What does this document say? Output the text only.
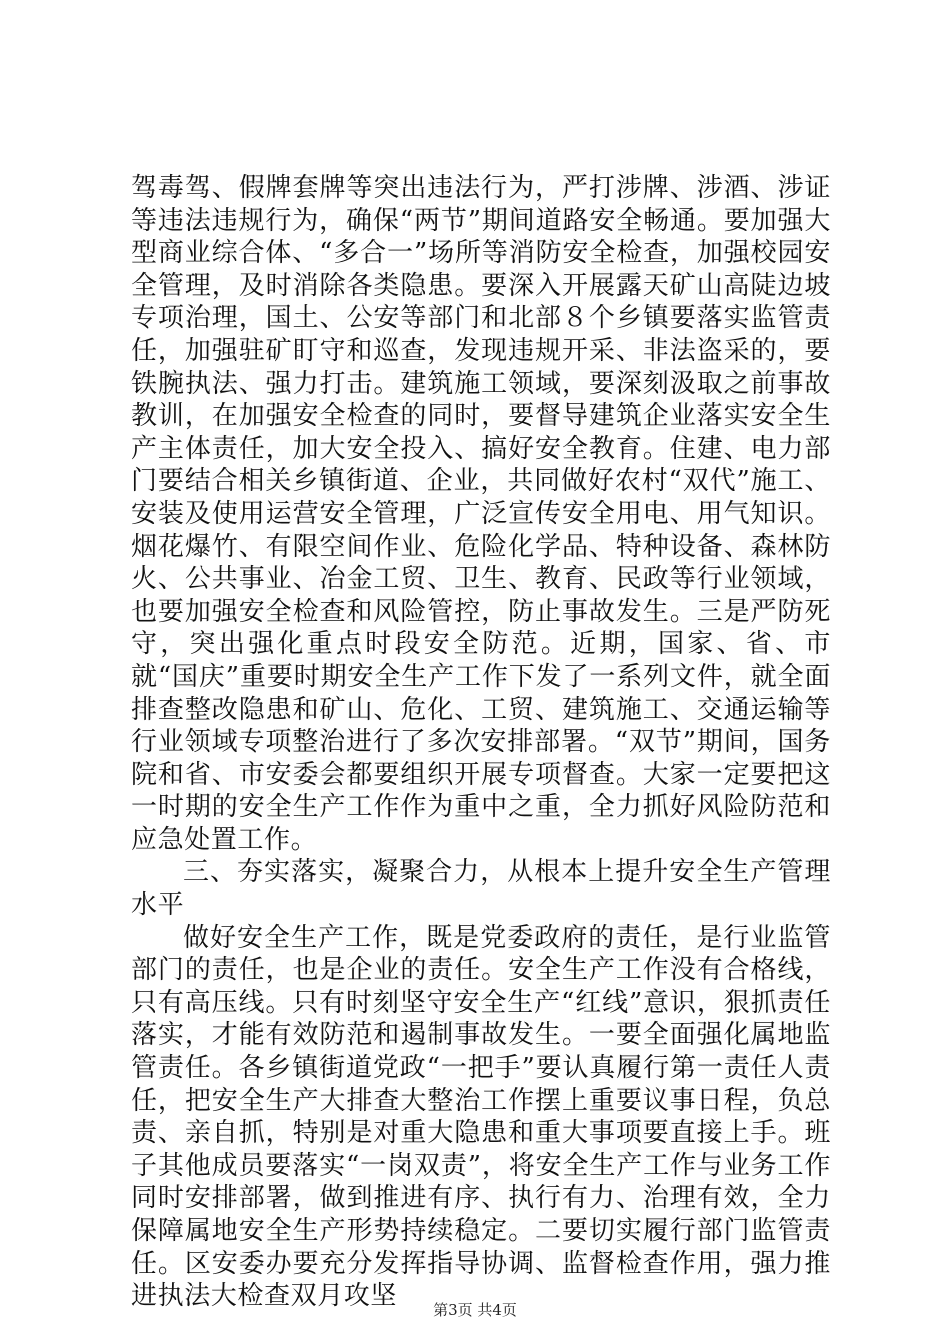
驾毒驾、假牌套牌等突出违法行为，严打涉牌、涉酒、涉证等违法违规行为，确保“两节”期间道路安全畅通。要加强大型商业综合体、“多合一”场所等消防安全检查，加强校园安全管理，及时消除各类隐患。要深入开展露天矿山高陡边坡专项治理，国土、公安等部门和北部８个乡镇要落实监管责任，加强驻矿盯守和巡查，发现违规开采、非法盗采的，要铁腕执法、强力打击。建筑施工领域，要深刻汲取之前事故教训，在加强安全检查的同时，要督导建筑企业落实安全生产主体责任，加大安全投入、搞好安全教育。住建、电力部门要结合相关乡镇街道、企业，共同做好农村“双代”施工、安装及使用运营安全管理，广泛宣传安全用电、用气知识。烟花爆竹、有限空间作业、危险化学品、特种设备、森林防火、公共事业、冶金工贸、卫生、教育、民政等行业领域，也要加强安全检查和风险管控，防止事故发生。三是严防死守，突出强化重点时段安全防范。近期，国家、省、市就“国庆”重要时期安全生产工作下发了一系列文件，就全面排查整改隐患和矿山、危化、工贸、建筑施工、交通运输等行业领域专项整治进行了多次安排部署。“双节”期间，国务院和省、市安委会都要组织开展专项督查。大家一定要把这一时期的安全生产工作作为重中之重，全力抓好风险防范和应急处置工作。

三、夯实落实，凝聚合力，从根本上提升安全生产管理水平

做好安全生产工作，既是党委政府的责任，是行业监管部门的责任，也是企业的责任。安全生产工作没有合格线，只有高压线。只有时刻坚守安全生产“红线”意识，狠抓责任落实，才能有效防范和遏制事故发生。一要全面强化属地监管责任。各乡镇街道党政“一把手”要认真履行第一责任人责任，把安全生产大排查大整治工作摆上重要议事日程，负总责、亲自抓，特别是对重大隐患和重大事项要直接上手。班子其他成员要落实“一岗双责”，将安全生产工作与业务工作同时安排部署，做到推进有序、执行有力、治理有效，全力保障属地安全生产形势持续稳定。二要切实履行部门监管责任。区安委办要充分发挥指导协调、监督检查作用，强力推进执法大检查双月攻坚	第3页 共4页
